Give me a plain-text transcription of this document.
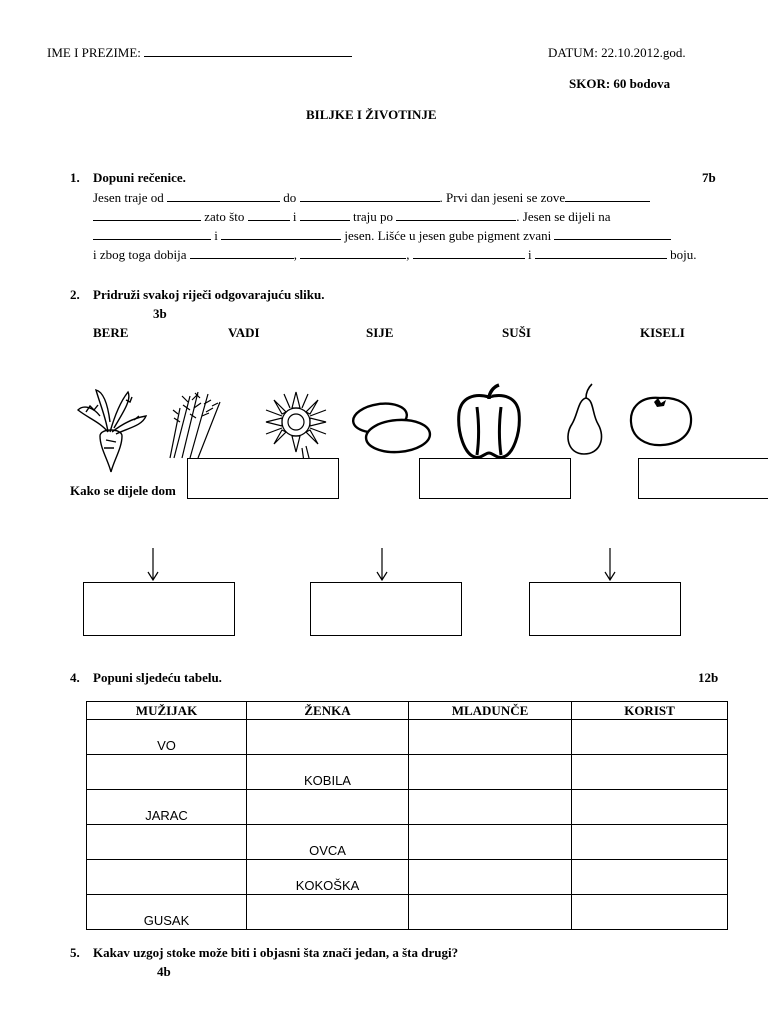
IME I PREZIME:	DATUM: 22.10.2012.god.
SKOR: 60 bodova
BILJKE I ŽIVOTINJE
1. Dopuni rečenice.	7b
Jesen traje od	do	. Prvi dan jeseni se zove
zato što	i	traju po	. Jesen se dijeli na
i	jesen. Lišće u jesen gube pigment zvani
i zbog toga dobija	,	,	i	boju.
2. Pridruži svakoj riječi odgovarajuću sliku.
3b
BERE	VADI	SIJE	SUŠI	KISELI
Kako se dijele dom
4. Popuni sljedeću tabelu.	12b
MUŽIJAK	ŽENKA	MLADUNČE	KORIST
VO			
	KOBILA		
JARAC			
	OVCA		
	KOKOŠKA		
GUSAK			
5. Kakav uzgoj stoke može biti i objasni šta znači jedan, a šta drugi?
4b
